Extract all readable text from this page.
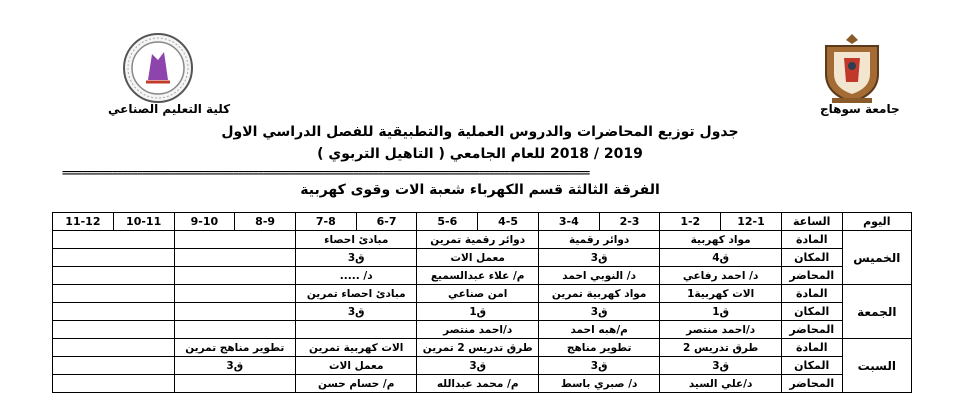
جامعة سوهاج
كلية التعليم الصناعي
جدول توزيع المحاضرات والدروس العملية والتطبيقية للفصل الدراسي الاول
2019 / 2018 للعام الجامعي ( التاهيل التربوي )
=========================================================================================================
الفرقة الثالثة قسم الكهرباء شعبة الات وقوى كهربية
اليوم	الساعة	12-1	1-2	2-3	3-4	4-5	5-6	6-7	7-8	8-9	9-10	10-11	11-12
الخميس	المادة	مواد كهربية		دوائر رقمية		دوائر رقمية تمرين		مبادئ احصاء					
	المكان	ق4		ق3		معمل الات		ق3					
	المحاضر	د/ احمد رفاعي		د/ النوبي احمد		م/ علاء عبدالسميع		د/ .....					
الجمعة	المادة	الات كهربية1		مواد كهربية تمرين		امن صناعي		مبادئ احصاء تمرين					
	المكان	ق1		ق3		ق1		ق3					
	المحاضر	د/احمد منتصر		م/هبه احمد		د/احمد منتصر							
السبت	المادة	طرق تدريس 2		تطوير مناهج		طرق تدريس 2 تمرين		الات كهربية تمرين		تطوير مناهج تمرين			
	المكان	ق3		ق3		ق3		معمل الات		ق3			
	المحاضر	د/علي السيد		د/ صبري باسط		م/ محمد عبدالله		م/ حسام حسن					
